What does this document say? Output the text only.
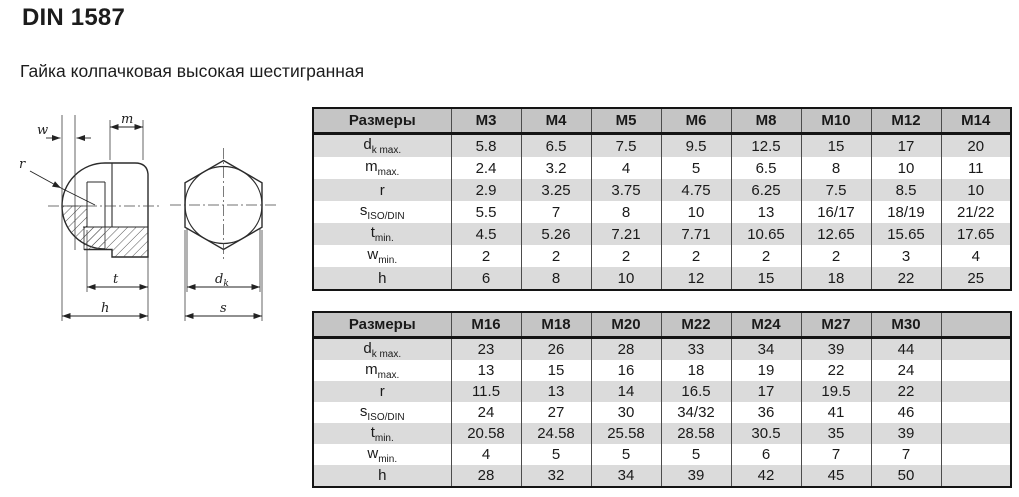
DIN 1587
Гайка колпачковая высокая шестигранная
w
m
r
t
h
$d_k$
s
Размеры	M3	M4	M5	M6	M8	M10	M12	M14
$d_{k max.}$	5.8	6.5	7.5	9.5	12.5	15	17	20
$m_{max.}$	2.4	3.2	4	5	6.5	8	10	11
r	2.9	3.25	3.75	4.75	6.25	7.5	8.5	10
$s_{ISO/DIN}$	5.5	7	8	10	13	16/17	18/19	21/22
$t_{min.}$	4.5	5.26	7.21	7.71	10.65	12.65	15.65	17.65
$w_{min.}$	2	2	2	2	2	2	3	4
h	6	8	10	12	15	18	22	25
Размеры	M16	M18	M20	M22	M24	M27	M30	
$d_{k max.}$	23	26	28	33	34	39	44	
$m_{max.}$	13	15	16	18	19	22	24	
r	11.5	13	14	16.5	17	19.5	22	
$s_{ISO/DIN}$	24	27	30	34/32	36	41	46	
$t_{min.}$	20.58	24.58	25.58	28.58	30.5	35	39	
$w_{min.}$	4	5	5	5	6	7	7	
h	28	32	34	39	42	45	50	
